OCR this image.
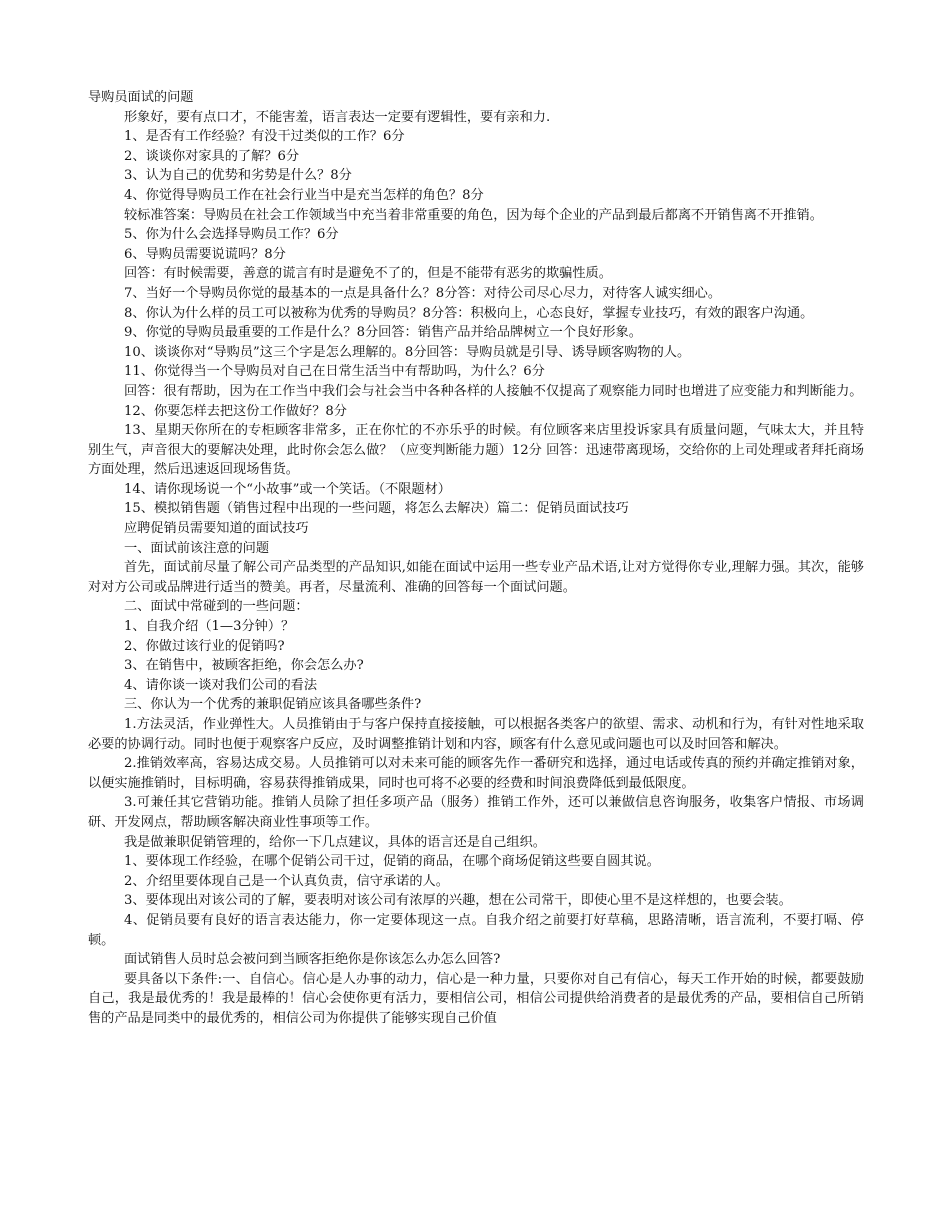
导购员面试的问题
形象好，要有点口才，不能害羞，语言表达一定要有逻辑性，要有亲和力.
1、是否有工作经验？有没干过类似的工作？6分
2、谈谈你对家具的了解？6分
3、认为自己的优势和劣势是什么？8分
4、你觉得导购员工作在社会行业当中是充当怎样的角色？8分
较标准答案：导购员在社会工作领域当中充当着非常重要的角色，因为每个企业的产品到最后都离不开销售离不开推销。
5、你为什么会选择导购员工作？6分
6、导购员需要说谎吗？8分
回答：有时候需要，善意的谎言有时是避免不了的，但是不能带有恶劣的欺骗性质。
7、当好一个导购员你觉的最基本的一点是具备什么？8分答：对待公司尽心尽力，对待客人诚实细心。
8、你认为什么样的员工可以被称为优秀的导购员？8分答：积极向上，心态良好，掌握专业技巧，有效的跟客户沟通。
9、你觉的导购员最重要的工作是什么？8分回答：销售产品并给品牌树立一个良好形象。
10、谈谈你对“导购员”这三个字是怎么理解的。8分回答：导购员就是引导、诱导顾客购物的人。
11、你觉得当一个导购员对自己在日常生活当中有帮助吗，为什么？6分
回答：很有帮助，因为在工作当中我们会与社会当中各种各样的人接触不仅提高了观察能力同时也增进了应变能力和判断能力。
12、你要怎样去把这份工作做好？8分
13、星期天你所在的专柜顾客非常多，正在你忙的不亦乐乎的时候。有位顾客来店里投诉家具有质量问题，气味太大，并且特别生气，声音很大的要解决处理，此时你会怎么做？（应变判断能力题）12分 回答：迅速带离现场，交给你的上司处理或者拜托商场方面处理，然后迅速返回现场售货。
14、请你现场说一个“小故事”或一个笑话。（不限题材）
15、模拟销售题（销售过程中出现的一些问题，将怎么去解决）篇二：促销员面试技巧
应聘促销员需要知道的面试技巧
一、面试前该注意的问题
首先，面试前尽量了解公司产品类型的产品知识,如能在面试中运用一些专业产品术语,让对方觉得你专业,理解力强。其次，能够对对方公司或品牌进行适当的赞美。再者，尽量流利、准确的回答每一个面试问题。
二、面试中常碰到的一些问题：
1、自我介绍（1—3分钟）？
2、你做过该行业的促销吗?
3、在销售中，被顾客拒绝，你会怎么办?
4、请你谈一谈对我们公司的看法
三、你认为一个优秀的兼职促销应该具备哪些条件?
1.方法灵活，作业弹性大。人员推销由于与客户保持直接接触，可以根据各类客户的欲望、需求、动机和行为，有针对性地采取必要的协调行动。同时也便于观察客户反应，及时调整推销计划和内容，顾客有什么意见或问题也可以及时回答和解决。
2.推销效率高，容易达成交易。人员推销可以对未来可能的顾客先作一番研究和选择，通过电话或传真的预约并确定推销对象，以便实施推销时，目标明确，容易获得推销成果，同时也可将不必要的经费和时间浪费降低到最低限度。
3.可兼任其它营销功能。推销人员除了担任多项产品（服务）推销工作外，还可以兼做信息咨询服务，收集客户情报、市场调研、开发网点，帮助顾客解决商业性事项等工作。
我是做兼职促销管理的，给你一下几点建议，具体的语言还是自己组织。
1、要体现工作经验，在哪个促销公司干过，促销的商品，在哪个商场促销这些要自圆其说。
2、介绍里要体现自己是一个认真负责，信守承诺的人。
3、要体现出对该公司的了解，要表明对该公司有浓厚的兴趣，想在公司常干，即使心里不是这样想的，也要会装。
4、促销员要有良好的语言表达能力，你一定要体现这一点。自我介绍之前要打好草稿，思路清晰，语言流利，不要打嗝、停顿。
面试销售人员时总会被问到当顾客拒绝你是你该怎么办怎么回答?
要具备以下条件:一、自信心。信心是人办事的动力，信心是一种力量，只要你对自己有信心，每天工作开始的时候，都要鼓励自己，我是最优秀的！我是最棒的！信心会使你更有活力，要相信公司，相信公司提供给消费者的是最优秀的产品，要相信自己所销售的产品是同类中的最优秀的，相信公司为你提供了能够实现自己价值
